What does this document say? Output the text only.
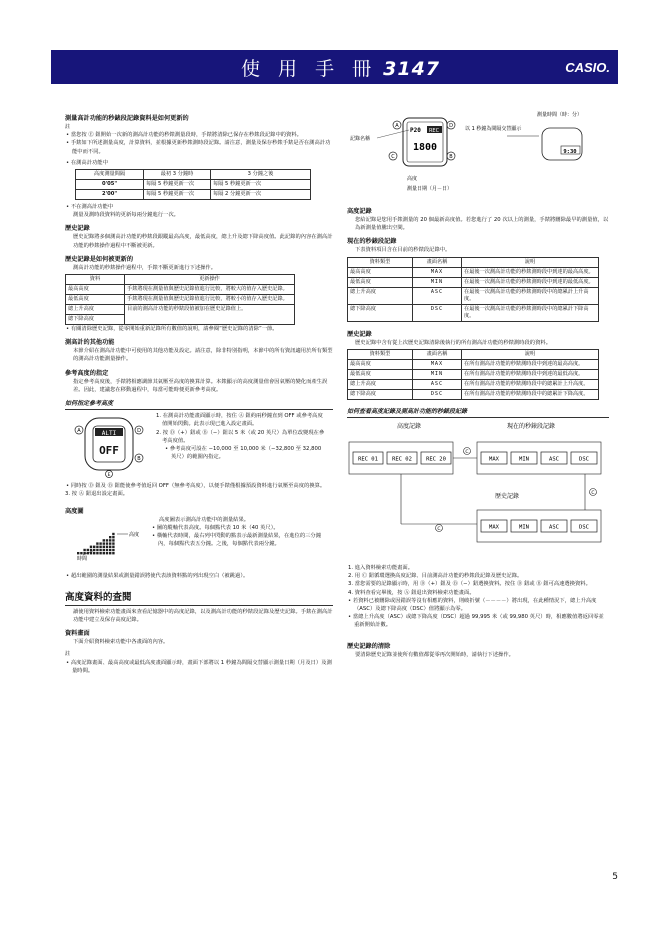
使 用 手 冊 3147	CASIO.
測量高計功能的秒錶段記錄資料是如何更新的
註
• 當您按 Ⓔ 鈕開始一次新的測高計功能的秒錶測量段時，手錶將清除已保存在秒錶段記錄中的資料。
• 手錶如下所述測量高度，計算資料，並根據更新秒錶測時段記錄。請注意，測量及保存秒錶手錶是否在測高計功能中而不同。
• 在測高計功能中
高度測量間隔	最初 3 分鐘時	3 分鐘之後
0'05"	每隔 5 秒鐘更新一次	每隔 5 秒鐘更新一次
2'00"	每隔 5 秒鐘更新一次	每隔 2 分鐘更新一次
• 不在測高計功能中
測量及測時段資料的更新每兩分鐘進行一次。
歷史記錄
歷史記錄將多個測高計功能的秒錶段跟蹤最高高度，最低高度，總上升及總下降高度值。此記錄的內容在測高計功能的秒錶操作過程中不斷被更新。
歷史記錄是如何被更新的
測高計功能的秒錶操作過程中，手錶不斷更新進行下述操作。
資料	更新操作
最高高度	手錶將現在測量值與歷史記錄值進行比較，將較大的值存入歷史記錄。
最低高度	手錶將現在測量值與歷史記錄值進行比較，將較小的值存入歷史記錄。
總上升高度	目前的測高計功能的秒錶段值被加在歷史記錄值上。
總下降高度	
• 有關清除歷史記錄，從零開始重新記錄所有數值的說明，請參閱“歷史記錄的清除”一節。
測高計的其他功能
本節介紹在測高計功能中可使用的其他功能及設定。請注意，除非特別指明，本節中的所有資訊適用於所有類型的測高計功能測量操作。
參考高度的指定
指定參考高度後，手錶將相應調節其氣壓至高度的換算計算。本錶顯示的高度測量值會因氣壓的變化而產生誤差。因此，建議您在移動過程中，每當可能時便更新參考高度。
如何指定參考高度
ALTI
OFF
A	D
B
E
1. 在測高計功能畫面顯示時，按住 Ⓐ 鈕約兩秒鐘直到 OFF 或參考高度值開始閃動。此表示現已進入設定畫面。
2. 按 Ⓓ（+）鈕或 Ⓑ（−）鈕以 5 米（或 20 英尺）為單位改變現在參考高度值。
• 參考高度可設在 −10,000 至 10,000 米（−32,800 至 32,800 英尺）的範圍內指定。
• 同時按 Ⓓ 鈕及 Ⓑ 鈕能使參考值返回 OFF（無參考高度），以便手錶僅根據預設資料進行氣壓至高度的換算。
3. 按 Ⓐ 鈕退出設定畫面。
高度圖
高度
時間
高度圖表示測高計功能中的測量結果。
• 圖的縱軸代表高度。每個點代表 10 米（40 英尺）。
• 橫軸代表時間，最右列中閃動的點表示最新測量結果，在進位的三分鐘內，每個點代表五分鐘。之後，每個點代表兩分鐘。
• 超出範圍的測量結果或測量錯誤將使代表該資料點的列出現空白（被跳過）。
高度資料的查閱
讀使用資料檢索功能畫面來查看記憶器中的高度記錄，以及測高計功能的秒錶段記錄及歷史記錄。手錶在測高計功能中建立及保存高度記錄。
資料畫面
下面介紹資料檢索功能中各畫面的內容。
註
• 高度記錄畫面、最高高度或最低高度畫面顯示時，畫面下部將以 1 秒鐘為間隔交替顯示測量日期（月及日）及測量時間。
A	D
C	B
P20 REC
1800
記錄名稱
高度
測量日期（月－日）
以 1 秒鐘為間隔交替顯示
9:30
測量時間（時：分）
高度記錄
您給記錄是您用手錶測量的 20 個最新高度值。若您進行了 20 次以上的測量，手錶將刪除最早的測量值，以為新測量值騰出空間。
現在的秒錶段記錄
下表資料項目含在目前的秒錶段記錄中。
資料類型	畫面名稱	說明
最高高度	MAX	在最後一次測高計功能的秒錶測時段中到達的最高高度。
最低高度	MIN	在最後一次測高計功能的秒錶測時段中到達的最低高度。
總上升高度	ASC	在最後一次測高計功能的秒錶測時段中的總累計上升高度。
總下降高度	DSC	在最後一次測高計功能的秒錶測時段中的總累計下降高度。
歷史記錄
歷史記錄中含有從上次歷史記錄清除後執行的所有測高計功能的秒錶測時段的資料。
資料類型	畫面名稱	說明
最高高度	MAX	在所有測高計功能的秒錶測時段中到達的最高高度。
最低高度	MIN	在所有測高計功能的秒錶測時段中到達的最低高度。
總上升高度	ASC	在所有測高計功能的秒錶測時段中的總累計上升高度。
總下降高度	DSC	在所有測高計功能的秒錶測時段中的總累計下降高度。
如何查看高度記錄及測高計功能的秒錶段記錄
高度記錄	現在的秒錶段記錄
歷史記錄
REC 01	REC 02	REC 20	MAX	MIN	ASC	DSC
MAX	MIN	ASC	DSC
C
C
C
1. 進入資料檢索功能畫面。
2. 用 Ⓒ 鈕循環選換高度記錄、目前測高計功能的秒錶段記錄及歷史記錄。
3. 當您需要的記錄顯示時，用 Ⓓ（+）鈕及 Ⓑ（−）鈕選換資料。按住 Ⓓ 鈕或 Ⓑ 鈕可高速選換資料。
4. 資料查看完畢後，按 Ⓐ 鈕退出資料檢索功能畫面。
• 若資料已被刪除或因錯誤等沒有相應的資料，則破折號（－－－－）將出現，在此種情況下，總上升高度（ASC）及總下降高度（DSC）值將顯示為零。
• 當總上升高度（ASC）或總下降高度（DSC）超過 99,995 米（或 99,980 英尺）時，相應數值將返回零並重新開始計數。
歷史記錄的清除
要清除歷史記錄並使所有數值都從零再次開始時，請執行下述操作。
5
